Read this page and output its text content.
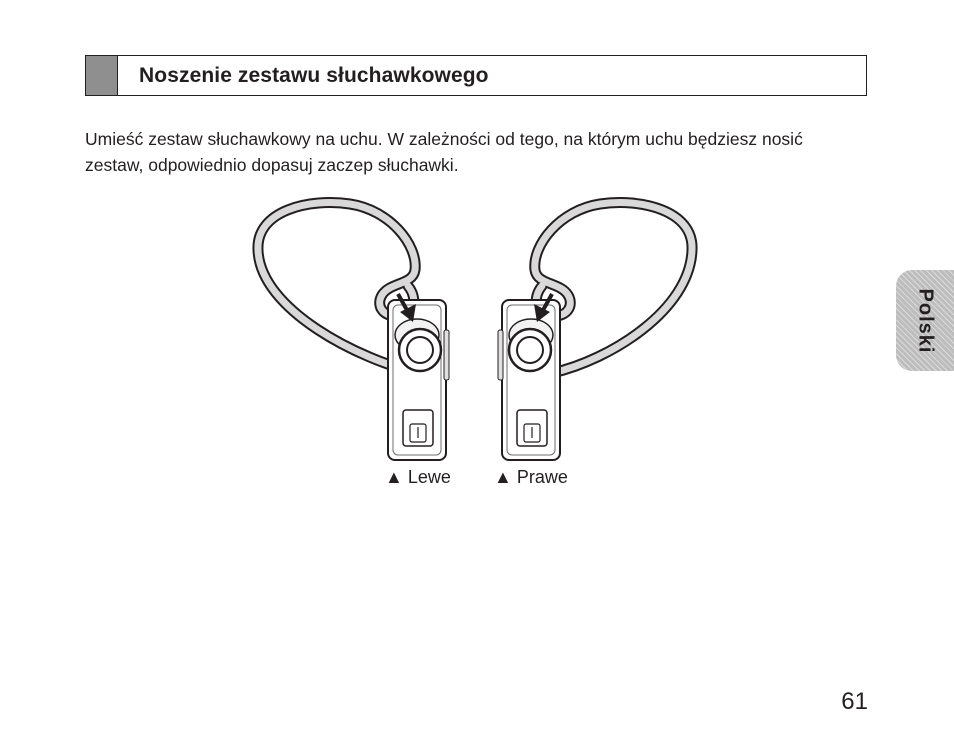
Noszenie zestawu słuchawkowego
Umieść zestaw słuchawkowy na uchu. W zależności od tego, na którym uchu będziesz nosić zestaw, odpowiednio dopasuj zaczep słuchawki.
▲ Lewe ▲ Prawe
Polski
61
